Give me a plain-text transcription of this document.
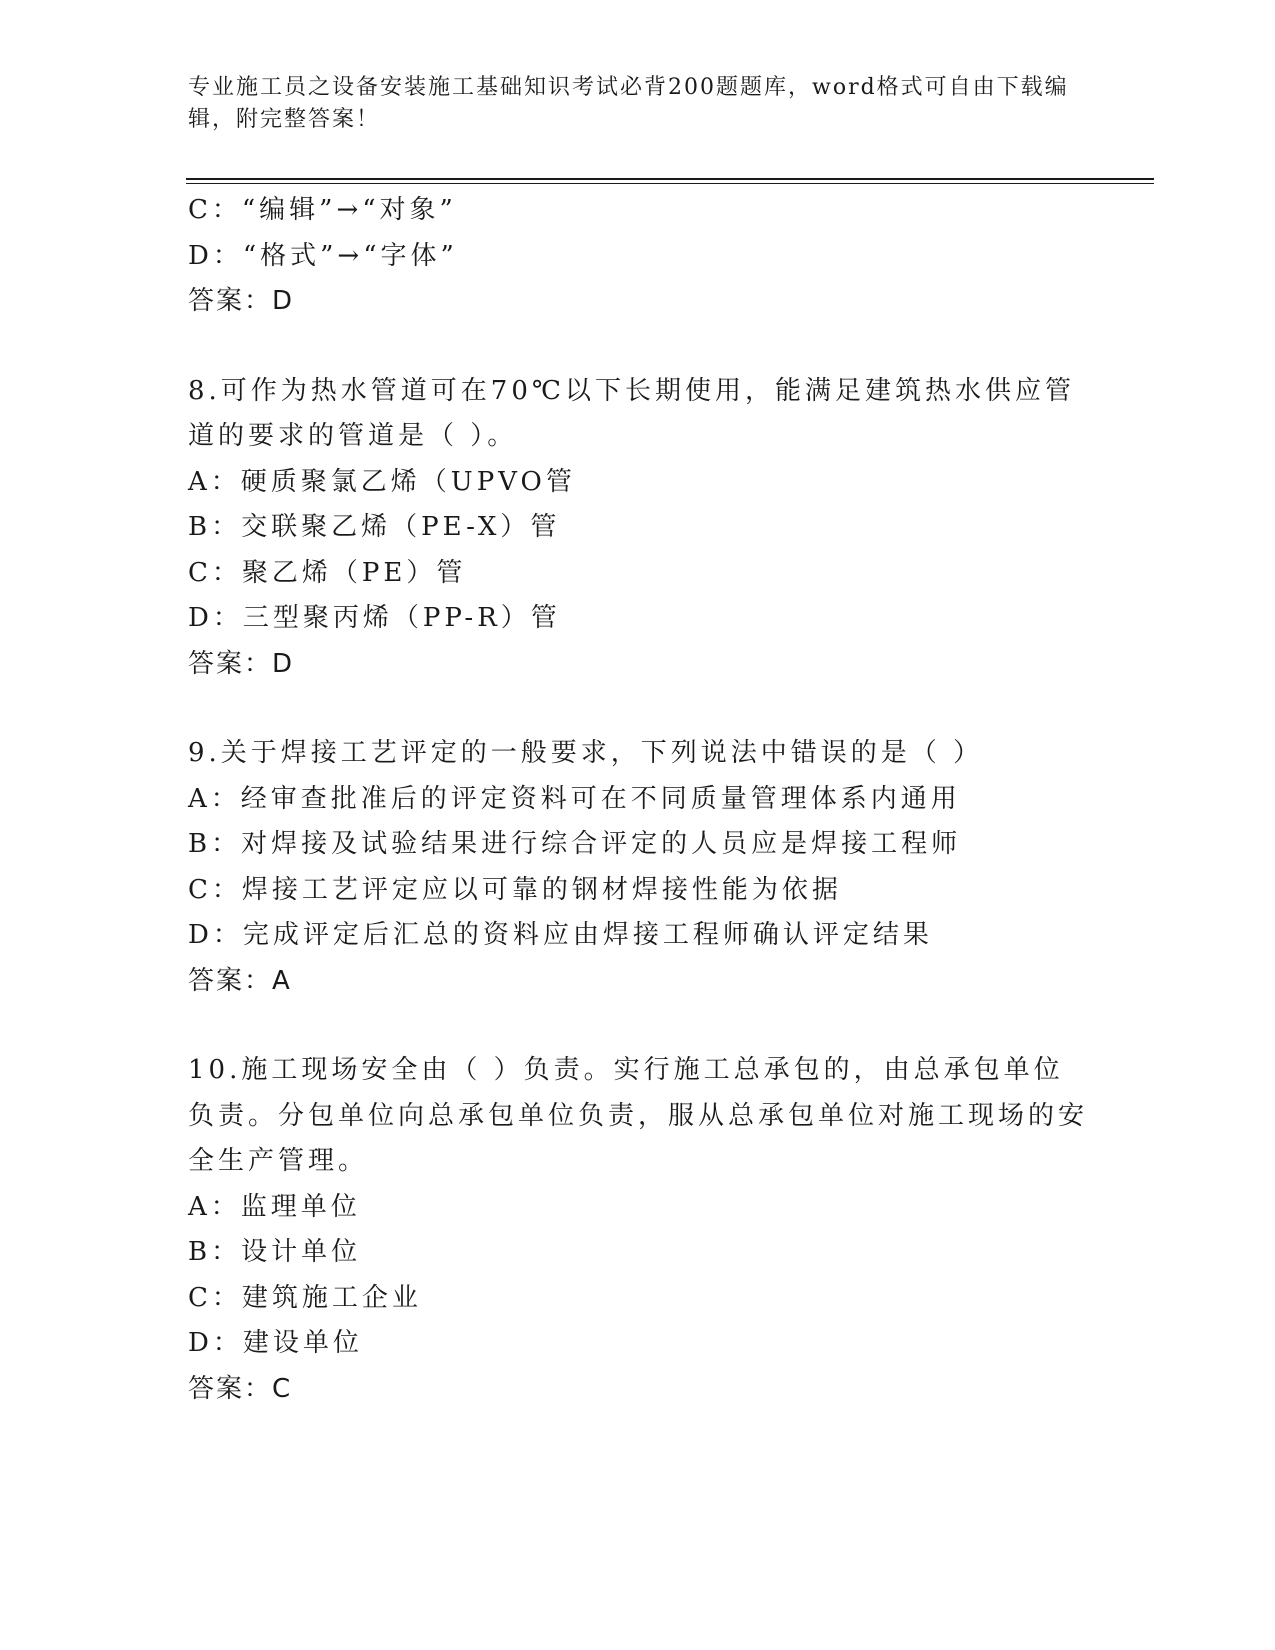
专业施工员之设备安装施工基础知识考试必背200题题库，word格式可自由下载编辑，附完整答案！
C：“编辑”→“对象”
D：“格式”→“字体”
答案：D
8.可作为热水管道可在70℃以下长期使用，能满足建筑热水供应管道的要求的管道是（ ）。
A：硬质聚氯乙烯（UPVO管
B：交联聚乙烯（PE-X）管
C：聚乙烯（PE）管
D：三型聚丙烯（PP-R）管
答案：D
9.关于焊接工艺评定的一般要求，下列说法中错误的是（ ）
A：经审查批准后的评定资料可在不同质量管理体系内通用
B：对焊接及试验结果进行综合评定的人员应是焊接工程师
C：焊接工艺评定应以可靠的钢材焊接性能为依据
D：完成评定后汇总的资料应由焊接工程师确认评定结果
答案：A
10.施工现场安全由（ ）负责。实行施工总承包的，由总承包单位负责。分包单位向总承包单位负责，服从总承包单位对施工现场的安全生产管理。
A：监理单位
B：设计单位
C：建筑施工企业
D：建设单位
答案：C
